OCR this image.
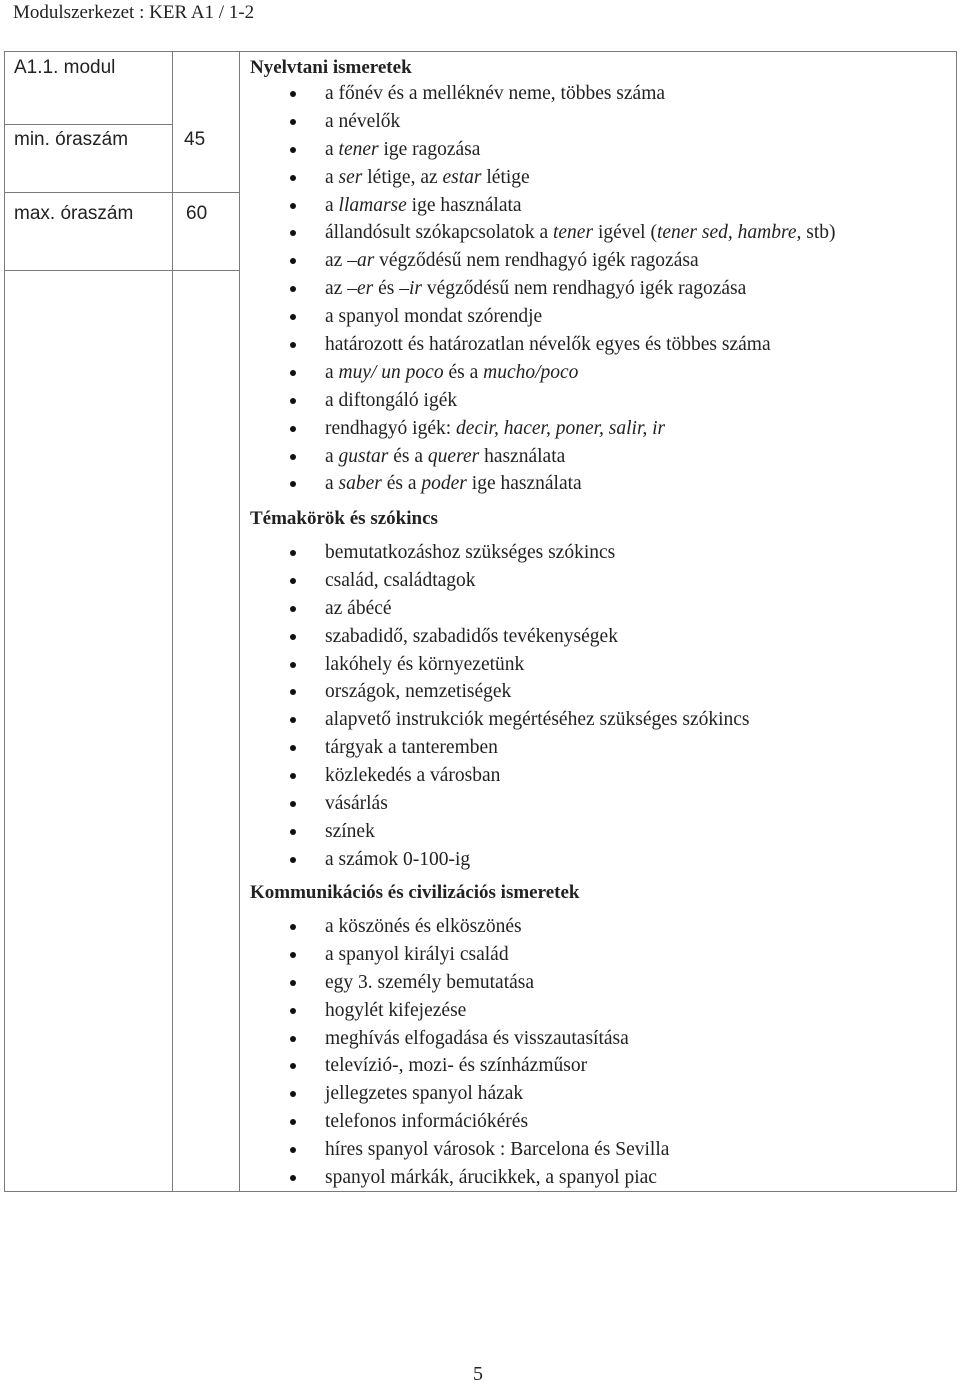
Modulszerkezet : KER A1 / 1-2
A1.1. modul
min. óraszám	45
max. óraszám	60
Nyelvtani ismeretek
a főnév és a melléknév neme, többes száma
a névelők
a tener ige ragozása
a ser létige, az estar létige
a llamarse ige használata
állandósult szókapcsolatok a tener igével (tener sed, hambre, stb)
az –ar végződésű nem rendhagyó igék ragozása
az –er és –ir végződésű nem rendhagyó igék ragozása
a spanyol mondat szórendje
határozott és határozatlan névelők egyes és többes száma
a muy/ un poco és a mucho/poco
a diftongáló igék
rendhagyó igék: decir, hacer, poner, salir, ir
a gustar és a querer használata
a saber és a poder ige használata
Témakörök és szókincs
bemutatkozáshoz szükséges szókincs
család, családtagok
az ábécé
szabadidő, szabadidős tevékenységek
lakóhely és környezetünk
országok, nemzetiségek
alapvető instrukciók megértéséhez szükséges szókincs
tárgyak a tanteremben
közlekedés a városban
vásárlás
színek
a számok 0-100-ig
Kommunikációs és civilizációs ismeretek
a köszönés és elköszönés
a spanyol királyi család
egy 3. személy bemutatása
hogylét kifejezése
meghívás elfogadása és visszautasítása
televízió-, mozi- és színházműsor
jellegzetes spanyol házak
telefonos információkérés
híres spanyol városok : Barcelona és Sevilla
spanyol márkák, árucikkek, a spanyol piac
5
